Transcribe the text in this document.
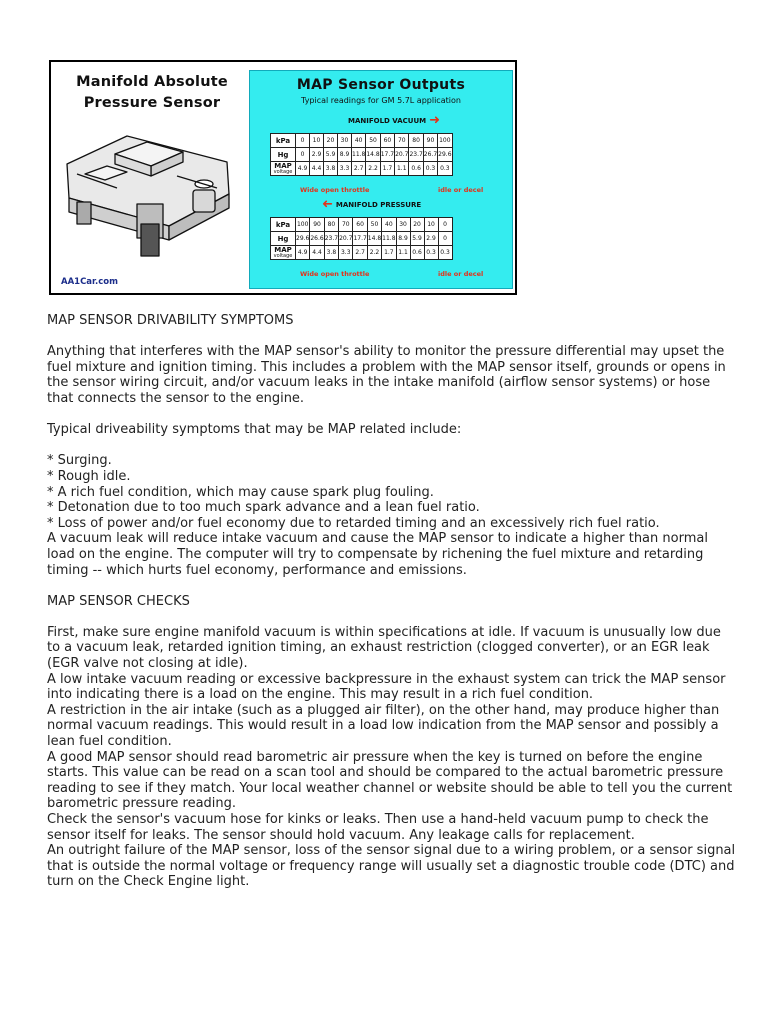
Manifold Absolute
Pressure Sensor
AA1Car.com
MAP Sensor Outputs
Typical readings for GM 5.7L application
MANIFOLD VACUUM ➜
kPa	0	10	20	30	40	50	60	70	80	90	100
Hg	0	2.9	5.9	8.9	11.8	14.8	17.7	20.7	23.7	26.7	29.6
MAP
voltage	4.9	4.4	3.8	3.3	2.7	2.2	1.7	1.1	0.6	0.3	0.3
Wide open throttle	idle or decel
➜ MANIFOLD PRESSURE
kPa	100	90	80	70	60	50	40	30	20	10	0
Hg	29.6	26.6	23.7	20.7	17.7	14.8	11.8	8.9	5.9	2.9	0
MAP
voltage	4.9	4.4	3.8	3.3	2.7	2.2	1.7	1.1	0.6	0.3	0.3
Wide open throttle	idle or decel

MAP SENSOR DRIVABILITY SYMPTOMS

Anything that interferes with the MAP sensor's ability to monitor the pressure differential may upset the fuel mixture and ignition timing. This includes a problem with the MAP sensor itself, grounds or opens in the sensor wiring circuit, and/or vacuum leaks in the intake manifold (airflow sensor systems) or hose that connects the sensor to the engine.

Typical driveability symptoms that may be MAP related include:

* Surging.

* Rough idle.

* A rich fuel condition, which may cause spark plug fouling.

* Detonation due to too much spark advance and a lean fuel ratio.

* Loss of power and/or fuel economy due to retarded timing and an excessively rich fuel ratio.

A vacuum leak will reduce intake vacuum and cause the MAP sensor to indicate a higher than normal load on the engine. The computer will try to compensate by richening the fuel mixture and retarding timing -- which hurts fuel economy, performance and emissions.

MAP SENSOR CHECKS

First, make sure engine manifold vacuum is within specifications at idle. If vacuum is unusually low due to a vacuum leak, retarded ignition timing, an exhaust restriction (clogged converter), or an EGR leak (EGR valve not closing at idle).

A low intake vacuum reading or excessive backpressure in the exhaust system can trick the MAP sensor into indicating there is a load on the engine. This may result in a rich fuel condition.

A restriction in the air intake (such as a plugged air filter), on the other hand, may produce higher than normal vacuum readings. This would result in a load low indication from the MAP sensor and possibly a lean fuel condition.

A good MAP sensor should read barometric air pressure when the key is turned on before the engine starts. This value can be read on a scan tool and should be compared to the actual barometric pressure reading to see if they match. Your local weather channel or website should be able to tell you the current barometric pressure reading.

Check the sensor's vacuum hose for kinks or leaks. Then use a hand-held vacuum pump to check the sensor itself for leaks. The sensor should hold vacuum. Any leakage calls for replacement.

An outright failure of the MAP sensor, loss of the sensor signal due to a wiring problem, or a sensor signal that is outside the normal voltage or frequency range will usually set a diagnostic trouble code (DTC) and turn on the Check Engine light.
